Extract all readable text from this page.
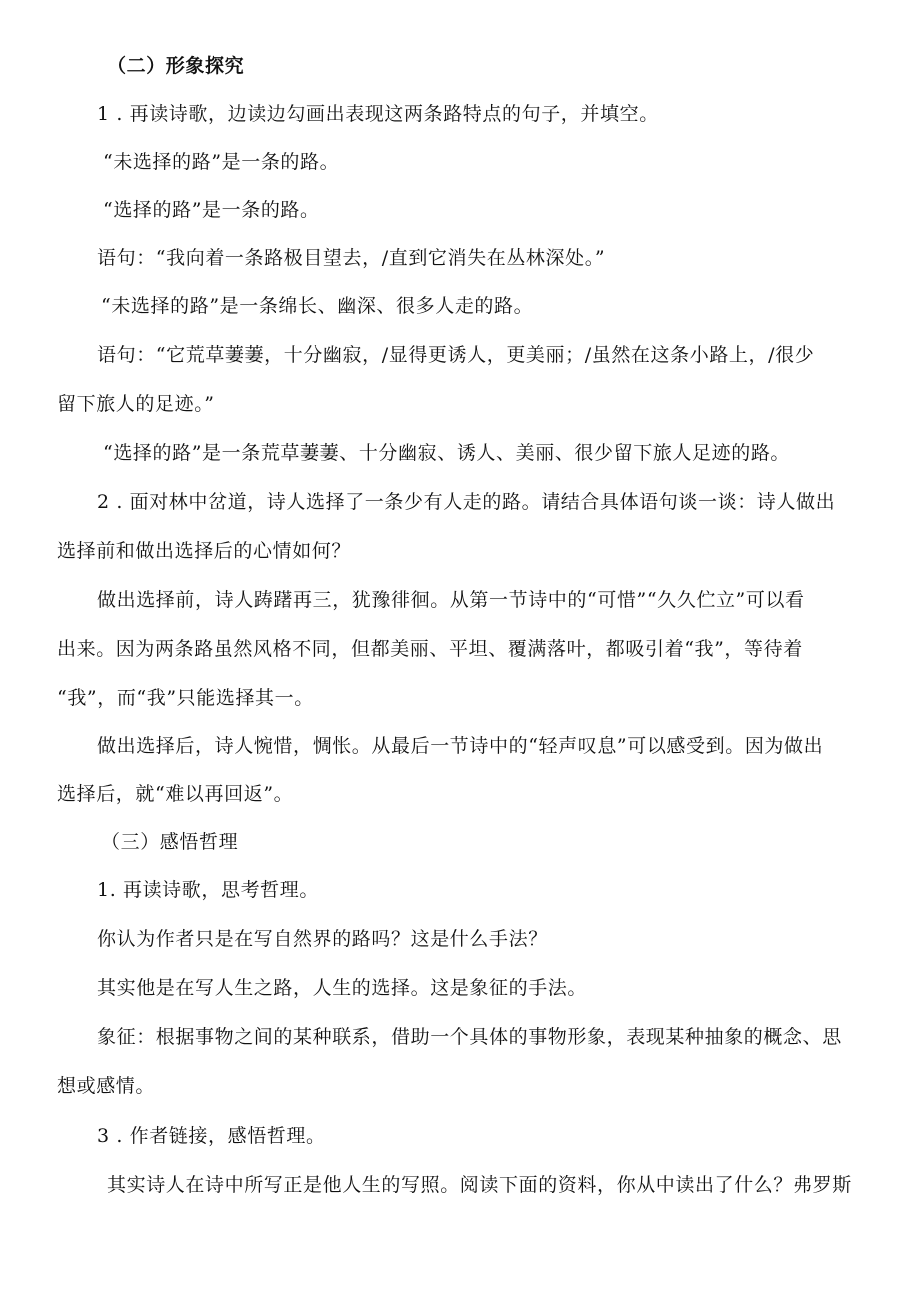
（二）形象探究
1 . 再读诗歌，边读边勾画出表现这两条路特点的句子，并填空。
“未选择的路”是一条的路。
“选择的路”是一条的路。
语句：“我向着一条路极目望去，/直到它消失在丛林深处。”
“未选择的路”是一条绵长、幽深、很多人走的路。
语句：“它荒草萋萋，十分幽寂，/显得更诱人，更美丽；/虽然在这条小路上，/很少
留下旅人的足迹。”
“选择的路”是一条荒草萋萋、十分幽寂、诱人、美丽、很少留下旅人足迹的路。
2 . 面对林中岔道，诗人选择了一条少有人走的路。请结合具体语句谈一谈：诗人做出
选择前和做出选择后的心情如何？
做出选择前，诗人踌躇再三，犹豫徘徊。从第一节诗中的“可惜”“久久伫立”可以看
出来。因为两条路虽然风格不同，但都美丽、平坦、覆满落叶，都吸引着“我”，等待着
“我”，而“我”只能选择其一。
做出选择后，诗人惋惜，惆怅。从最后一节诗中的“轻声叹息”可以感受到。因为做出
选择后，就“难以再回返”。
（三）感悟哲理
1. 再读诗歌，思考哲理。
你认为作者只是在写自然界的路吗？这是什么手法？
其实他是在写人生之路，人生的选择。这是象征的手法。
象征：根据事物之间的某种联系，借助一个具体的事物形象，表现某种抽象的概念、思
想或感情。
3 . 作者链接，感悟哲理。
其实诗人在诗中所写正是他人生的写照。阅读下面的资料，你从中读出了什么？弗罗斯
